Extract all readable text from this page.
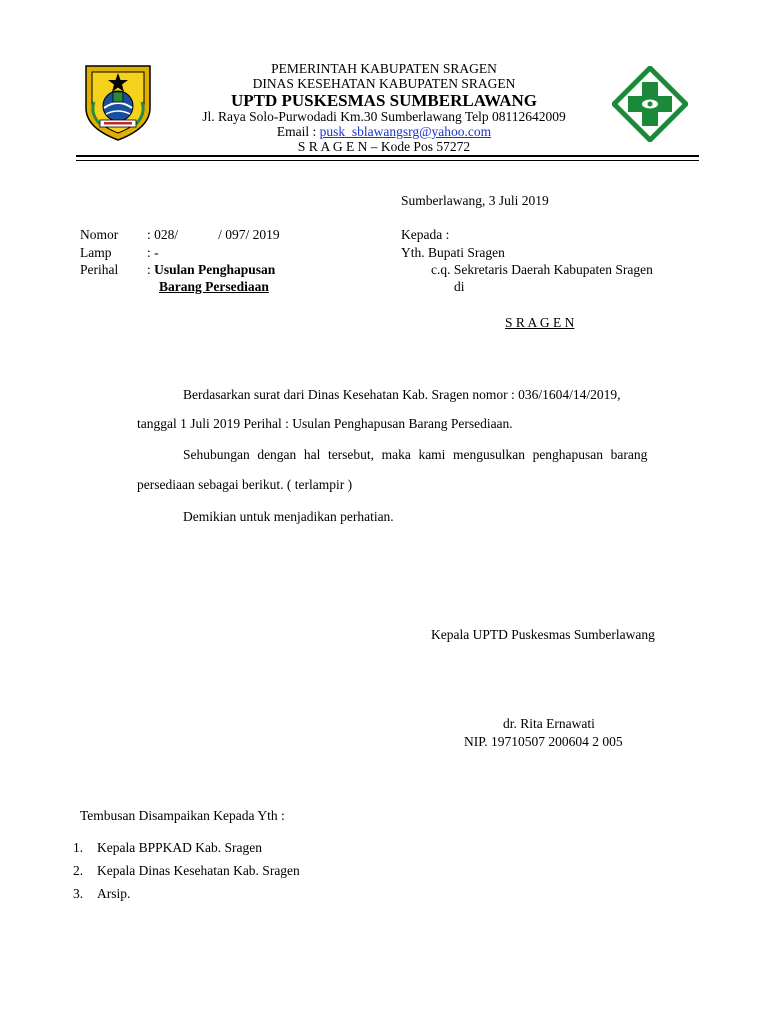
PEMERINTAH KABUPATEN SRAGEN
DINAS KESEHATAN KABUPATEN SRAGEN
UPTD PUSKESMAS SUMBERLAWANG
Jl. Raya Solo-Purwodadi Km.30 Sumberlawang Telp 08112642009
Email : pusk_sblawangsrg@yahoo.com
S R A G E N – Kode Pos 57272
Sumberlawang, 3 Juli 2019
Nomor : 028/	/ 097/ 2019
Lamp	: -
Perihal : Usulan Penghapusan
Barang Persediaan
Kepada :
Yth. Bupati Sragen
c.q. Sekretaris Daerah Kabupaten Sragen
di
S R A G E N
Berdasarkan surat dari Dinas Kesehatan Kab. Sragen nomor : 036/1604/14/2019,
tanggal 1 Juli 2019 Perihal : Usulan Penghapusan Barang Persediaan.
Sehubungan dengan hal tersebut, maka kami mengusulkan penghapusan barang
persediaan sebagai berikut. ( terlampir )
Demikian untuk menjadikan perhatian.
Kepala UPTD Puskesmas Sumberlawang
dr. Rita Ernawati
NIP. 19710507 200604 2 005
Tembusan Disampaikan Kepada Yth :
1. Kepala BPPKAD Kab. Sragen
2. Kepala Dinas Kesehatan Kab. Sragen
3. Arsip.
